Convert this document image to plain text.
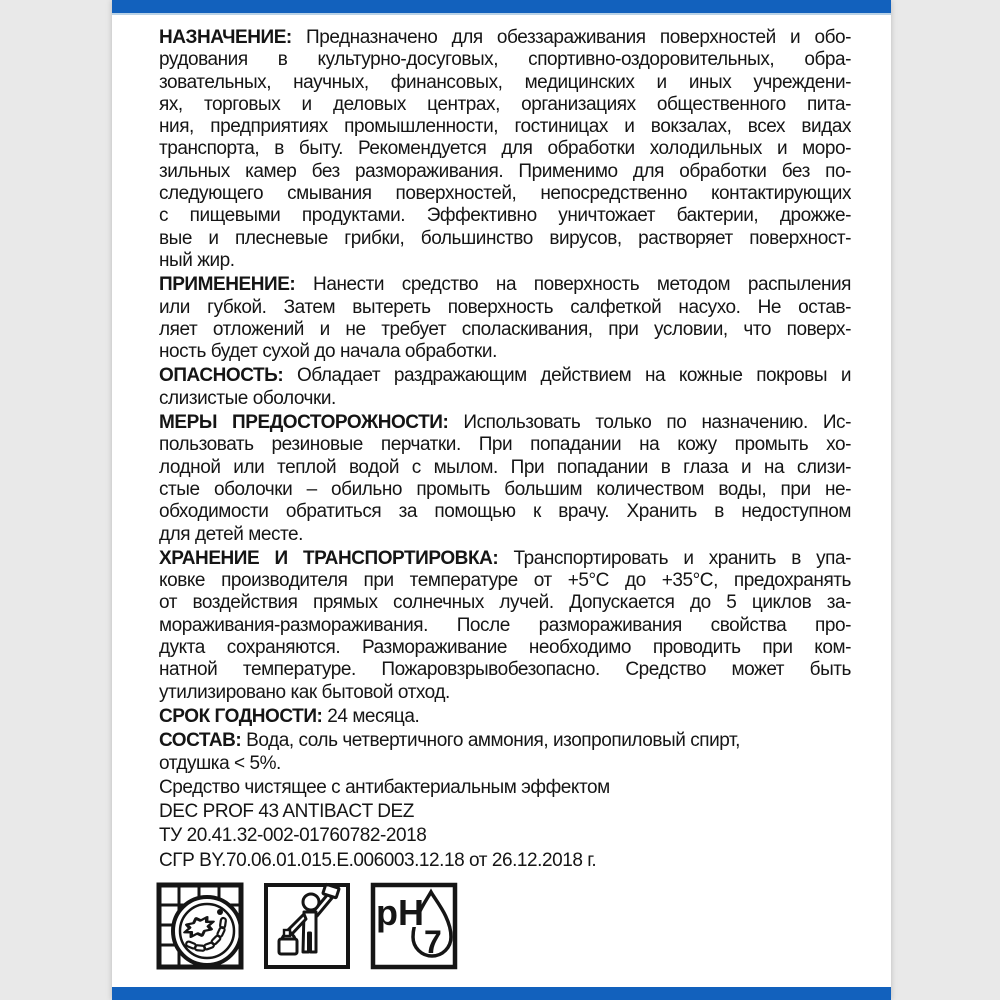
НАЗНАЧЕНИЕ: Предназначено для обеззараживания поверхностей и обо-
рудования в культурно-досуговых, спортивно-оздоровительных, обра-
зовательных, научных, финансовых, медицинских и иных учреждени-
ях, торговых и деловых центрах, организациях общественного пита-
ния, предприятиях промышленности, гостиницах и вокзалах, всех видах
транспорта, в быту. Рекомендуется для обработки холодильных и моро-
зильных камер без размораживания. Применимо для обработки без по-
следующего смывания поверхностей, непосредственно контактирующих
с пищевыми продуктами. Эффективно уничтожает бактерии, дрожже-
вые и плесневые грибки, большинство вирусов, растворяет поверхност-
ный жир.
ПРИМЕНЕНИЕ: Нанести средство на поверхность методом распыления
или губкой. Затем вытереть поверхность салфеткой насухо. Не остав-
ляет отложений и не требует споласкивания, при условии, что поверх-
ность будет сухой до начала обработки.
ОПАСНОСТЬ: Обладает раздражающим действием на кожные покровы и
слизистые оболочки.
МЕРЫ ПРЕДОСТОРОЖНОСТИ: Использовать только по назначению. Ис-
пользовать резиновые перчатки. При попадании на кожу промыть хо-
лодной или теплой водой с мылом. При попадании в глаза и на слизи-
стые оболочки – обильно промыть большим количеством воды, при не-
обходимости обратиться за помощью к врачу. Хранить в недоступном
для детей месте.
ХРАНЕНИЕ И ТРАНСПОРТИРОВКА: Транспортировать и хранить в упа-
ковке производителя при температуре от +5°С до +35°С, предохранять
от воздействия прямых солнечных лучей. Допускается до 5 циклов за-
мораживания-размораживания. После размораживания свойства про-
дукта сохраняются. Размораживание необходимо проводить при ком-
натной температуре. Пожаровзрывобезопасно. Средство может быть
утилизировано как бытовой отход.
СРОК ГОДНОСТИ: 24 месяца.
СОСТАВ: Вода, соль четвертичного аммония, изопропиловый спирт,
отдушка < 5%.
Средство чистящее с антибактериальным эффектом
DEC PROF 43 ANTIBACT DEZ
ТУ 20.41.32-002-01760782-2018
СГР BY.70.06.01.015.Е.006003.12.18 от 26.12.2018 г.
pH
7
